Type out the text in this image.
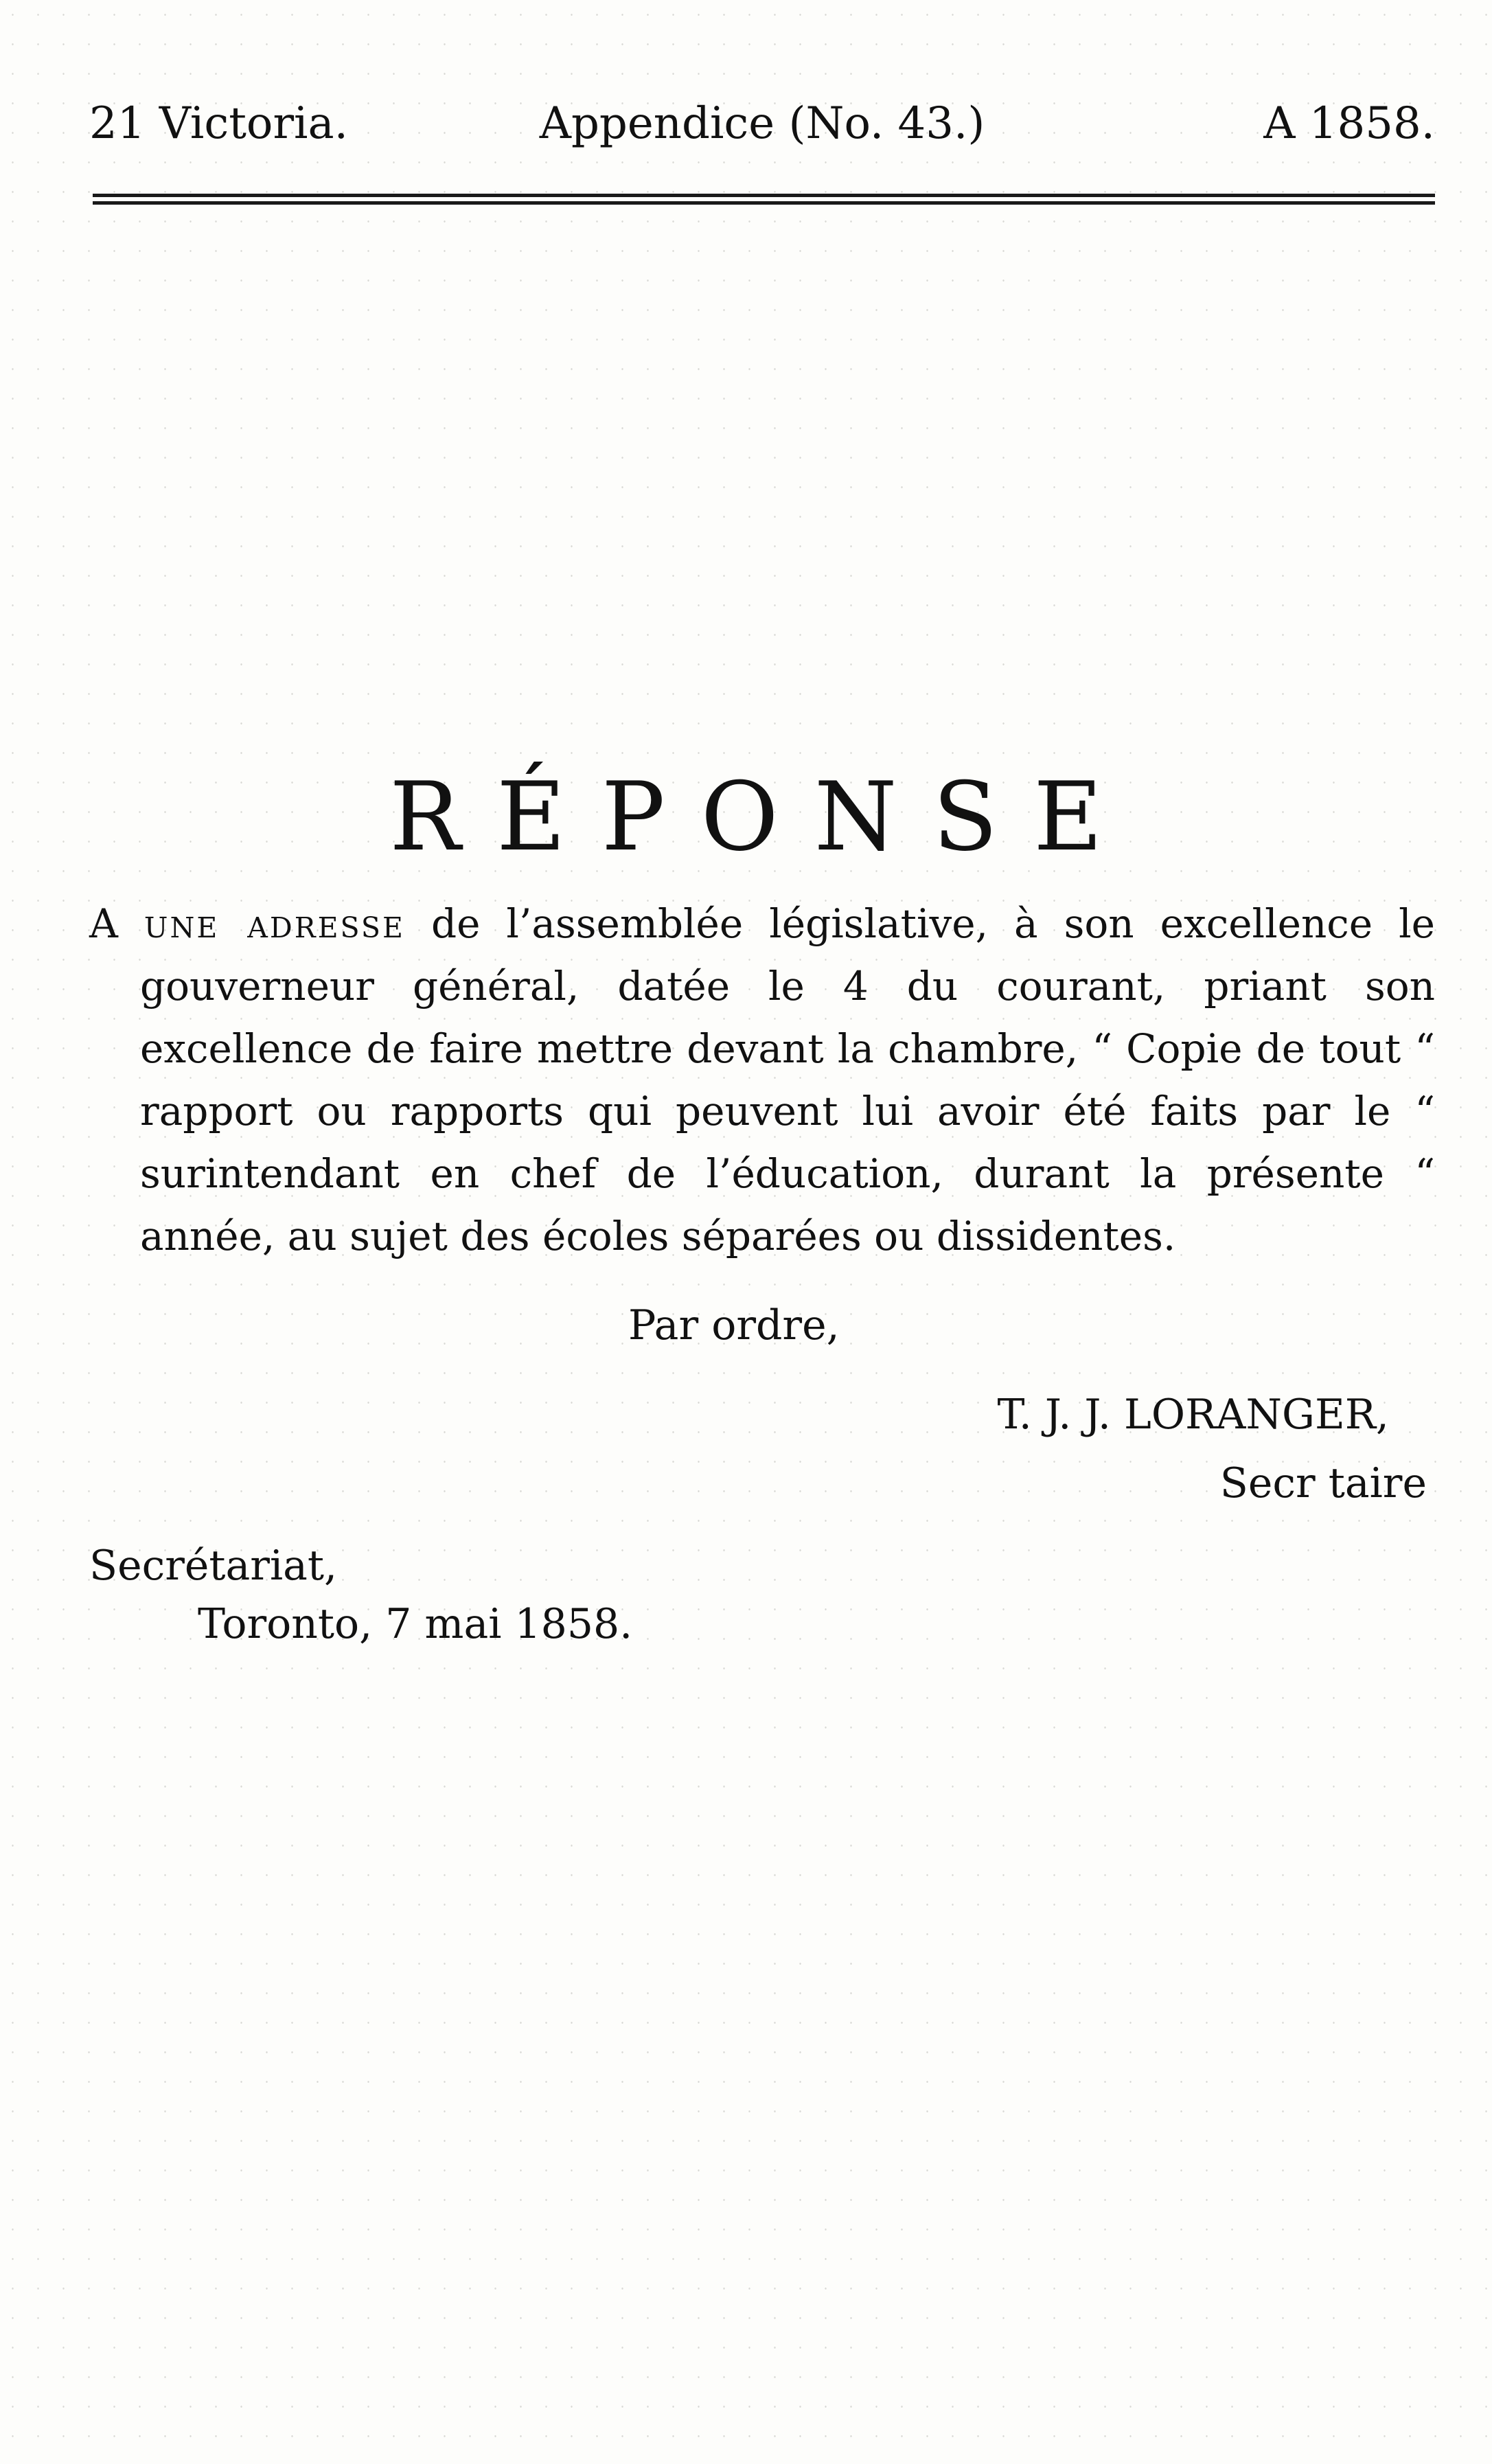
21 Victoria.	Appendice (No. 43.)	A 1858.
RÉPONSE

A une adresse de l’assemblée législative, à son excellence le gouverneur général, datée le 4 du courant, priant son excellence de faire mettre devant la chambre, “ Copie de tout “ rapport ou rapports qui peuvent lui avoir été faits par le “ surintendant en chef de l’éducation, durant la présente “ année, au sujet des écoles séparées ou dissidentes.

Par ordre,
T. J. J. LORANGER,
Secr taire
Secrétariat,
Toronto, 7 mai 1858.
